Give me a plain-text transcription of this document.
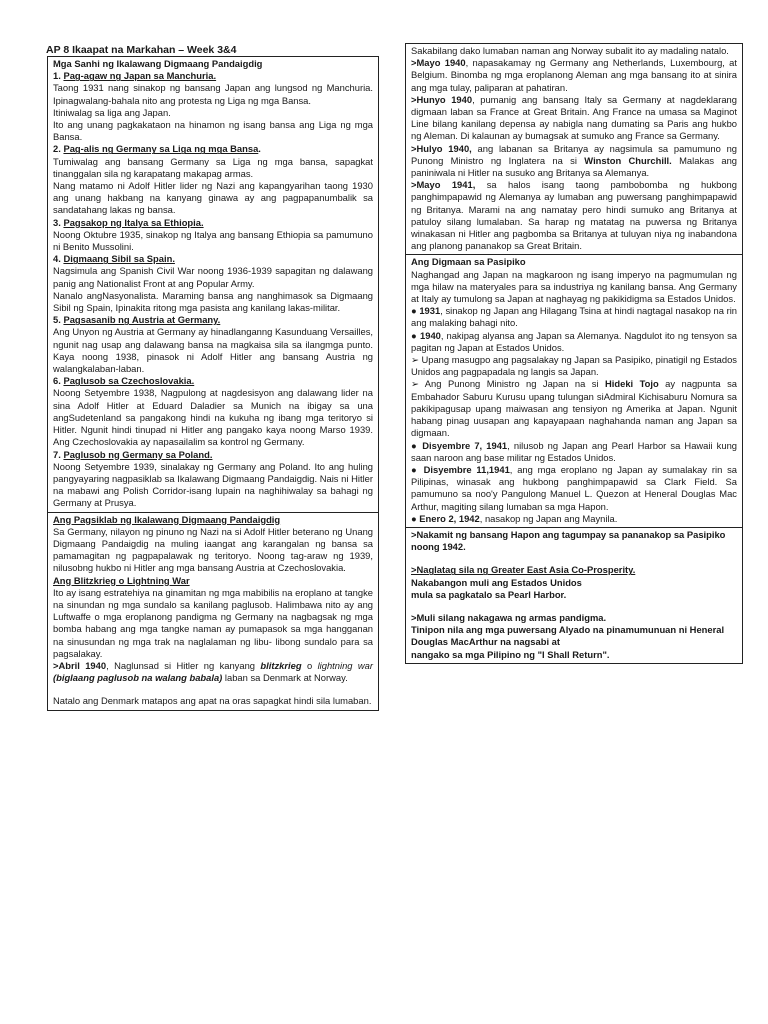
AP 8 Ikaapat na Markahan – Week 3&4

Mga Sanhi ng Ikalawang Digmaang Pandaigdig

1. Pag-agaw ng Japan sa Manchuria.

Taong 1931 nang sinakop ng bansang Japan ang lungsod ng Manchuria. Ipinagwalang-bahala nito ang protesta ng Liga ng mga Bansa.

Itiniwalag sa liga ang Japan.

Ito ang unang pagkakataon na hinamon ng isang bansa ang Liga ng mga Bansa.

2. Pag-alis ng Germany sa Liga ng mga Bansa.

Tumiwalag ang bansang Germany sa Liga ng mga bansa, sapagkat tinanggalan sila ng karapatang makapag armas.

Nang matamo ni Adolf Hitler lider ng Nazi ang kapangyarihan taong 1930 ang unang hakbang na kanyang ginawa ay ang pagpapanumbalik sa sandatahang lakas ng bansa.

3. Pagsakop ng Italya sa Ethiopia.

Noong Oktubre 1935, sinakop ng Italya ang bansang Ethiopia sa pamumuno ni Benito Mussolini.

4. Digmaang Sibil sa Spain.

Nagsimula ang Spanish Civil War noong 1936-1939 sapagitan ng dalawang panig ang Nationalist Front at ang Popular Army.

Nanalo angNasyonalista. Maraming bansa ang nanghimasok sa Digmaang Sibil ng Spain, Ipinakita ritong mga pasista ang kanilang lakas-militar.

5. Pagsasanib ng Austria at Germany.

Ang Unyon ng Austria at Germany ay hinadlanganng Kasunduang Versailles, ngunit nag usap ang dalawang bansa na magkaisa sila sa ilangmga punto. Kaya noong 1938, pinasok ni Adolf Hitler ang bansang Austria ng walangkalaban-laban.

6. Paglusob sa Czechoslovakia.

Noong Setyembre 1938, Nagpulong at nagdesisyon ang dalawang lider na sina Adolf Hitler at Eduard Daladier sa Munich na ibigay sa una angSudetenland sa pangakong hindi na kukuha ng ibang mga teritoryo si Hitler. Ngunit hindi tinupad ni Hitler ang pangako kaya noong Marso 1939. Ang Czechoslovakia ay napasailalim sa kontrol ng Germany.

7. Paglusob ng Germany sa Poland.

Noong Setyembre 1939, sinalakay ng Germany ang Poland. Ito ang huling pangyayaring nagpasiklab sa Ikalawang Digmaang Pandaigdig. Nais ni Hitler na mabawi ang Polish Corridor-isang lupain na naghihiwalay sa bahagi ng Germany at Prusya.

Ang Pagsiklab ng Ikalawang Digmaang Pandaigdig

Sa Germany, nilayon ng pinuno ng Nazi na si Adolf Hitler beterano ng Unang Digmaang Pandaigdig na muling iaangat ang karangalan ng bansa sa pamamagitan ng pagpapalawak ng teritoryo. Noong tag-araw ng 1939, nilusobng hukbo ni Hitler ang mga bansang Austria at Czechoslovakia.

Ang Blitzkrieg o Lightning War

Ito ay isang estratehiya na ginamitan ng mga mabibilis na eroplano at tangke na sinundan ng mga sundalo sa kanilang paglusob. Halimbawa nito ay ang Luftwaffe o mga eroplanong pandigma ng Germany na nagbagsak ng mga bomba habang ang mga tangke naman ay pumapasok sa mga hangganan na sinusundan ng mga trak na naglalaman ng libu- libong sundalo para sa pagsalakay.

>Abril 1940, Naglunsad si Hitler ng kanyang blitzkrieg o lightning war (biglaang paglusob na walang babala) laban sa Denmark at Norway.

Natalo ang Denmark matapos ang apat na oras sapagkat hindi sila lumaban.

Sakabilang dako lumaban naman ang Norway subalit ito ay madaling natalo.

>Mayo 1940, napasakamay ng Germany ang Netherlands, Luxembourg, at Belgium. Binomba ng mga eroplanong Aleman ang mga bansang ito at sinira ang mga tulay, paliparan at pahatiran.

>Hunyo 1940, pumanig ang bansang Italy sa Germany at nagdeklarang digmaan laban sa France at Great Britain. Ang France na umasa sa Maginot Line bilang kanilang depensa ay nabigla nang dumating sa Paris ang hukbo ng Aleman. Di kalaunan ay bumagsak at sumuko ang France sa Germany.

>Hulyo 1940, ang labanan sa Britanya ay nagsimula sa pamumuno ng Punong Ministro ng Inglatera na si Winston Churchill. Malakas ang paniniwala ni Hitler na susuko ang Britanya sa Alemanya.

>Mayo 1941, sa halos isang taong pambobomba ng hukbong panghimpapawid ng Alemanya ay lumaban ang puwersang panghimpapawid ng Britanya. Marami na ang namatay pero hindi sumuko ang Britanya at patuloy silang lumalaban. Sa harap ng matatag na puwersa ng Britanya winakasan ni Hitler ang pagbomba sa Britanya at tuluyan niya ng inabandona ang planong pananakop sa Great Britain.

Ang Digmaan sa Pasipiko

Naghangad ang Japan na magkaroon ng isang imperyo na pagmumulan ng mga hilaw na materyales para sa industriya ng kanilang bansa. Ang Germany at Italy ay tumulong sa Japan at naghayag ng pakikidigma sa Estados Unidos.

● 1931, sinakop ng Japan ang Hilagang Tsina at hindi nagtagal nasakop na rin ang malaking bahagi nito.

● 1940, nakipag alyansa ang Japan sa Alemanya. Nagdulot ito ng tensyon sa pagitan ng Japan at Estados Unidos.

➢ Upang masugpo ang pagsalakay ng Japan sa Pasipiko, pinatigil ng Estados Unidos ang pagpapadala ng langis sa Japan.

➢ Ang Punong Ministro ng Japan na si Hideki Tojo ay nagpunta sa Embahador Saburu Kurusu upang tulungan siAdmiral Kichisaburu Nomura sa pakikipagusap upang maiwasan ang tensiyon ng Amerika at Japan. Ngunit habang pinag uusapan ang kapayapaan naghahanda naman ang Japan sa digmaan.

● Disyembre 7, 1941, nilusob ng Japan ang Pearl Harbor sa Hawaii kung saan naroon ang base militar ng Estados Unidos.

● Disyembre 11,1941, ang mga eroplano ng Japan ay sumalakay rin sa Pilipinas, winasak ang hukbong panghimpapawid sa Clark Field. Sa pamumuno sa noo'y Pangulong Manuel L. Quezon at Heneral Douglas Mac Arthur, magiting silang lumaban sa mga Hapon.

● Enero 2, 1942, nasakop ng Japan ang Maynila.

>Nakamit ng bansang Hapon ang tagumpay sa pananakop sa Pasipiko noong 1942.

>Naglatag sila ng Greater East Asia Co-Prosperity.

Nakabangon muli ang Estados Unidos

mula sa pagkatalo sa Pearl Harbor.

>Muli silang nakagawa ng armas pandigma.

Tinipon nila ang mga puwersang Alyado na pinamumunuan ni Heneral Douglas MacArthur na nagsabi at

nangako sa mga Pilipino ng "I Shall Return".
